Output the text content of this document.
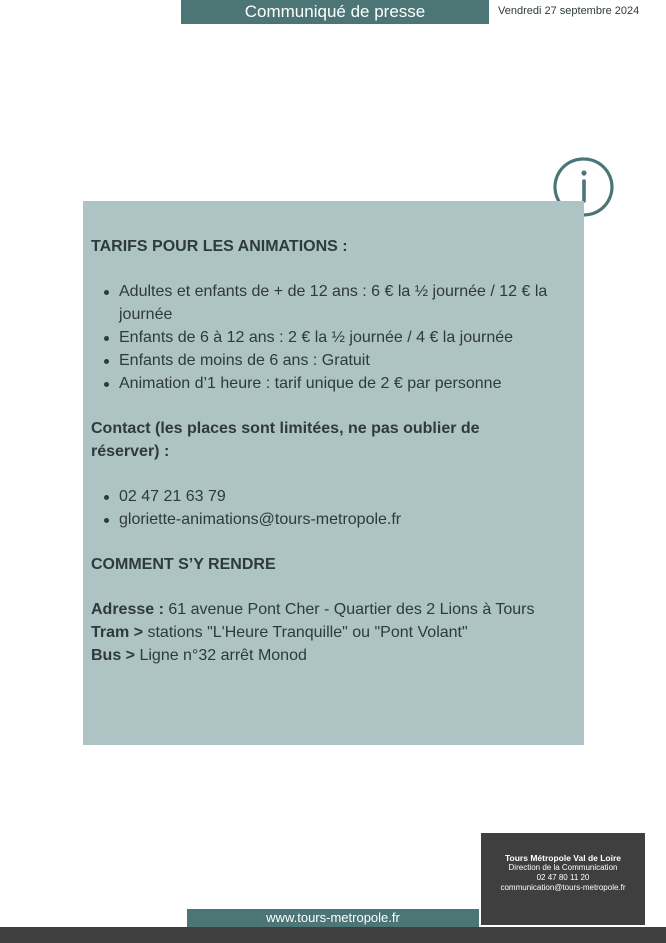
Communiqué de presse	Vendredi 27 septembre 2024
TARIFS POUR LES ANIMATIONS :
Adultes et enfants de + de 12 ans : 6 € la ½ journée / 12 € la journée
Enfants de 6 à 12 ans : 2 € la ½ journée / 4 € la journée
Enfants de moins de 6 ans : Gratuit
Animation d’1 heure : tarif unique de 2 € par personne
Contact (les places sont limitées, ne pas oublier de réserver) :
02 47 21 63 79
gloriette-animations@tours-metropole.fr
COMMENT S’Y RENDRE
Adresse : 61 avenue Pont Cher - Quartier des 2 Lions à Tours
Tram > stations "L'Heure Tranquille" ou "Pont Volant"
Bus > Ligne n°32 arrêt Monod
Tours Métropole Val de Loire
Direction de la Communication
02 47 80 11 20
communication@tours-metropole.fr
www.tours-metropole.fr
